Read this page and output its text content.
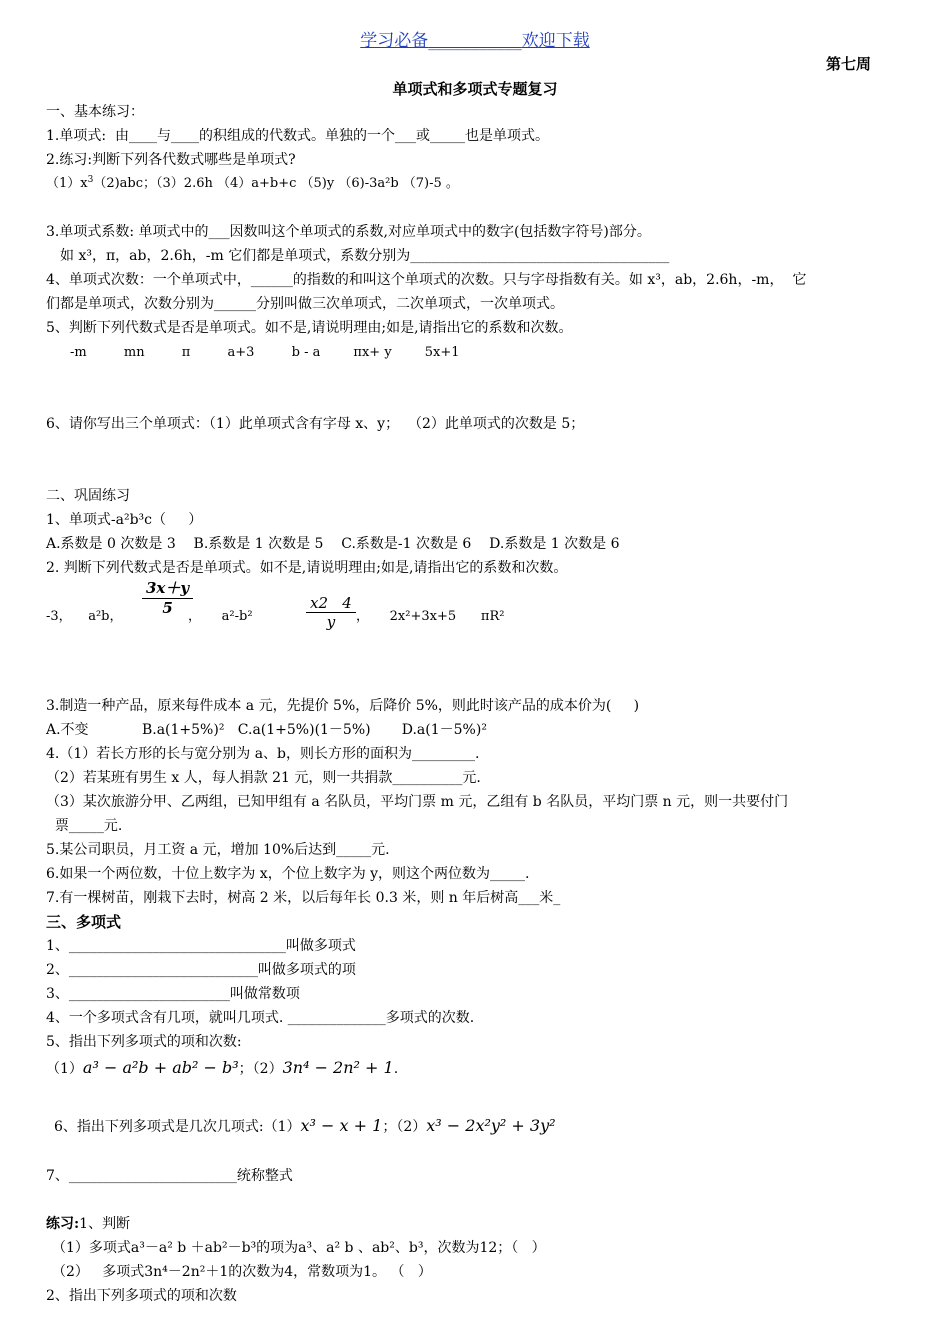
学习必备___________欢迎下载
第七周
单项式和多项式专题复习
一、基本练习：
1.单项式:  由____与____的积组成的代数式。单独的一个___或_____也是单项式。
2.练习:判断下列各代数式哪些是单项式?
$(1)x^3(2)abc$；（3）2.6h （4）a+b+c （5)y （6)-3a²b （7)-5 。
3.单项式系数: 单项式中的___因数叫这个单项式的系数,对应单项式中的数字(包括数字符号)部分。
如 x³，π，ab，2.6h，-m 它们都是单项式，系数分别为_____________________________________
4、单项式次数：一个单项式中，______的指数的和叫这个单项式的次数。只与字母指数有关。如 x³，ab，2.6h，-m，  它
们都是单项式，次数分别为______分别叫做三次单项式，二次单项式，一次单项式。
5、判断下列代数式是否是单项式。如不是,请说明理由;如是,请指出它的系数和次数。
-m         mn         π         a+3         b - a        πx+ y        5x+1
6、请你写出三个单项式：（1）此单项式含有字母 x、y；  （2）此单项式的次数是 5；
二、巩固练习
1、单项式-a²b³c（     ）
A.系数是 0 次数是 3    B.系数是 1 次数是 5    C.系数是-1 次数是 6    D.系数是 1 次数是 6
2. 判断下列代数式是否是单项式。如不是,请说明理由;如是,请指出它的系数和次数。
-3，    a²b， $\frac{3x+y}{5}$
，     a²-b²	$\frac{x2 4}{y}$ ，     2x²+3x+5      πR²
3.制造一种产品，原来每件成本 a 元，先提价 5%，后降价 5%，则此时该产品的成本价为(     )
A.不变            B.a(1+5%)²   C.a(1+5%)(1－5%)       D.a(1－5%)²
4.（1）若长方形的长与宽分别为 a、b，则长方形的面积为_________.
（2）若某班有男生 x 人，每人捐款 21 元，则一共捐款__________元.
（3）某次旅游分甲、乙两组，已知甲组有 a 名队员，平均门票 m 元，乙组有 b 名队员，平均门票 n 元，则一共要付门
票_____元.
5.某公司职员，月工资 a 元，增加 10%后达到_____元.
6.如果一个两位数，十位上数字为 x，个位上数字为 y，则这个两位数为_____.
7.有一棵树苗，刚栽下去时，树高 2 米，以后每年长 0.3 米，则 n 年后树高___米_
三、多项式
1、_______________________________叫做多项式
2、___________________________叫做多项式的项
3、_______________________叫做常数项
4、一个多项式含有几项，就叫几项式. ______________多项式的次数.
5、指出下列多项式的项和次数:
（1）a³ − a²b + ab² − b³；（2）3n⁴ − 2n² + 1.
6、指出下列多项式是几次几项式:（1）x³ − x + 1；（2）x³ − 2x²y² + 3y²
7、________________________统称整式
练习:1、判断
（1）多项式a³－a² b ＋ab²－b³的项为a³、a² b 、ab²、b³，次数为12；（   ）
（2）   多项式3n⁴－2n²＋1的次数为4，常数项为1。 （   ）
2、指出下列多项式的项和次数
